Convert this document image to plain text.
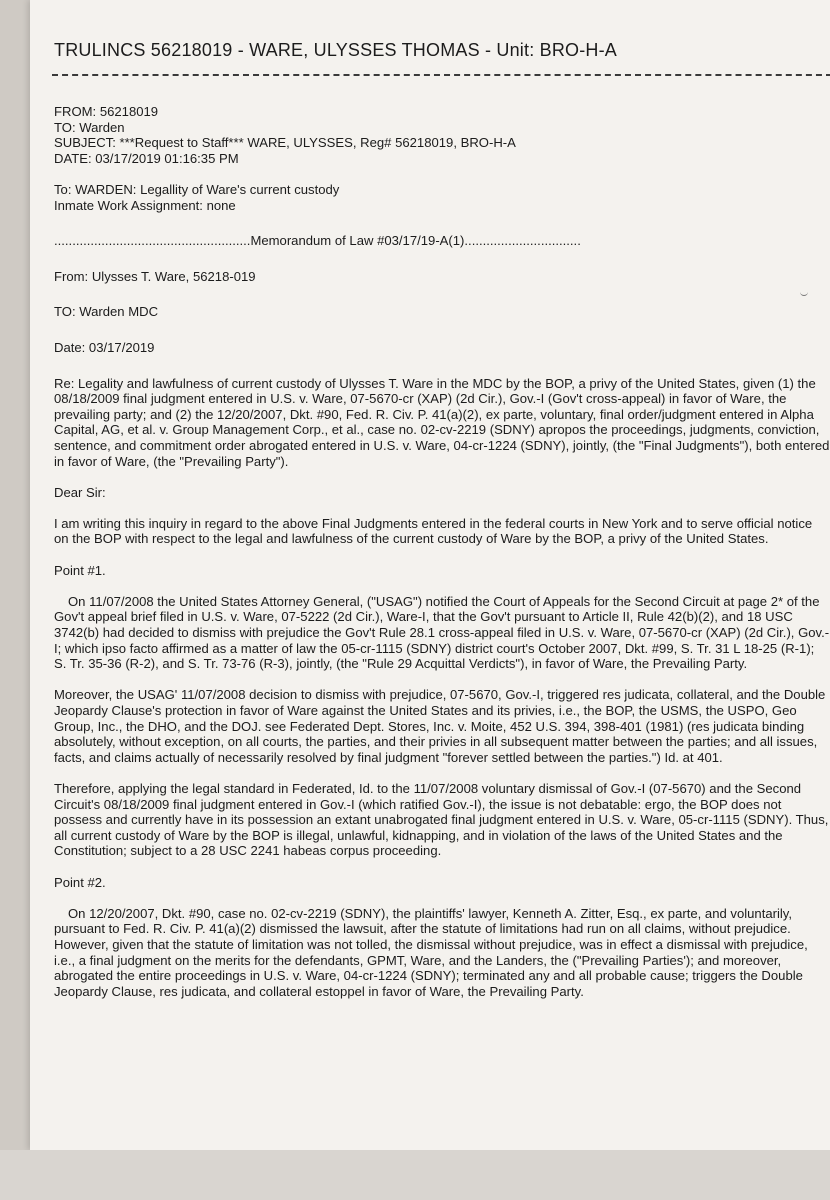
TRULINCS 56218019 - WARE, ULYSSES THOMAS - Unit: BRO-H-A

FROM: 56218019

TO: Warden

SUBJECT: ***Request to Staff*** WARE, ULYSSES, Reg# 56218019, BRO-H-A

DATE: 03/17/2019 01:16:35 PM

To: WARDEN: Legallity of Ware's current custody

Inmate Work Assignment: none

......................................................Memorandum of Law #03/17/19-A(1)................................

From: Ulysses T. Ware, 56218-019

TO: Warden MDC

Date: 03/17/2019

Re: Legality and lawfulness of current custody of Ulysses T. Ware in the MDC by the BOP, a privy of the United States, given (1) the 08/18/2009 final judgment entered in U.S. v. Ware, 07-5670-cr (XAP) (2d Cir.), Gov.-I (Gov't cross-appeal) in favor of Ware, the prevailing party; and (2) the 12/20/2007, Dkt. #90, Fed. R. Civ. P. 41(a)(2), ex parte, voluntary, final order/judgment entered in Alpha Capital, AG, et al. v. Group Management Corp., et al., case no. 02-cv-2219 (SDNY) apropos the proceedings, judgments, conviction, sentence, and commitment order abrogated entered in U.S. v. Ware, 04-cr-1224 (SDNY), jointly, (the "Final Judgments"), both entered in favor of Ware, (the "Prevailing Party").

Dear Sir:

I am writing this inquiry in regard to the above Final Judgments entered in the federal courts in New York and to serve official notice on the BOP with respect to the legal and lawfulness of the current custody of Ware by the BOP, a privy of the United States.

Point #1.

On 11/07/2008 the United States Attorney General, ("USAG") notified the Court of Appeals for the Second Circuit at page 2* of the Gov't appeal brief filed in U.S. v. Ware, 07-5222 (2d Cir.), Ware-I, that the Gov't pursuant to Article II, Rule 42(b)(2), and 18 USC 3742(b) had decided to dismiss with prejudice the Gov't Rule 28.1 cross-appeal filed in U.S. v. Ware, 07-5670-cr (XAP) (2d Cir.), Gov.-I; which ipso facto affirmed as a matter of law the 05-cr-1115 (SDNY) district court's October 2007, Dkt. #99, S. Tr. 31 L 18-25 (R-1); S. Tr. 35-36 (R-2), and S. Tr. 73-76 (R-3), jointly, (the "Rule 29 Acquittal Verdicts"), in favor of Ware, the Prevailing Party.

Moreover, the USAG' 11/07/2008 decision to dismiss with prejudice, 07-5670, Gov.-I, triggered res judicata, collateral, and the Double Jeopardy Clause's protection in favor of Ware against the United States and its privies, i.e., the BOP, the USMS, the USPO, Geo Group, Inc., the DHO, and the DOJ. see Federated Dept. Stores, Inc. v. Moite, 452 U.S. 394, 398-401 (1981) (res judicata binding absolutely, without exception, on all courts, the parties, and their privies in all subsequent matter between the parties; and all issues, facts, and claims actually of necessarily resolved by final judgment "forever settled between the parties.") Id. at 401.

Therefore, applying the legal standard in Federated, Id. to the 11/07/2008 voluntary dismissal of Gov.-I (07-5670) and the Second Circuit's 08/18/2009 final judgment entered in Gov.-I (which ratified Gov.-I), the issue is not debatable: ergo, the BOP does not possess and currently have in its possession an extant unabrogated final judgment entered in U.S. v. Ware, 05-cr-1115 (SDNY). Thus, all current custody of Ware by the BOP is illegal, unlawful, kidnapping, and in violation of the laws of the United States and the Constitution; subject to a 28 USC 2241 habeas corpus proceeding.

Point #2.

On 12/20/2007, Dkt. #90, case no. 02-cv-2219 (SDNY), the plaintiffs' lawyer, Kenneth A. Zitter, Esq., ex parte, and voluntarily, pursuant to Fed. R. Civ. P. 41(a)(2) dismissed the lawsuit, after the statute of limitations had run on all claims, without prejudice. However, given that the statute of limitation was not tolled, the dismissal without prejudice, was in effect a dismissal with prejudice, i.e., a final judgment on the merits for the defendants, GPMT, Ware, and the Landers, the ("Prevailing Parties'); and moreover, abrogated the entire proceedings in U.S. v. Ware, 04-cr-1224 (SDNY); terminated any and all probable cause; triggers the Double Jeopardy Clause, res judicata, and collateral estoppel in favor of Ware, the Prevailing Party.
